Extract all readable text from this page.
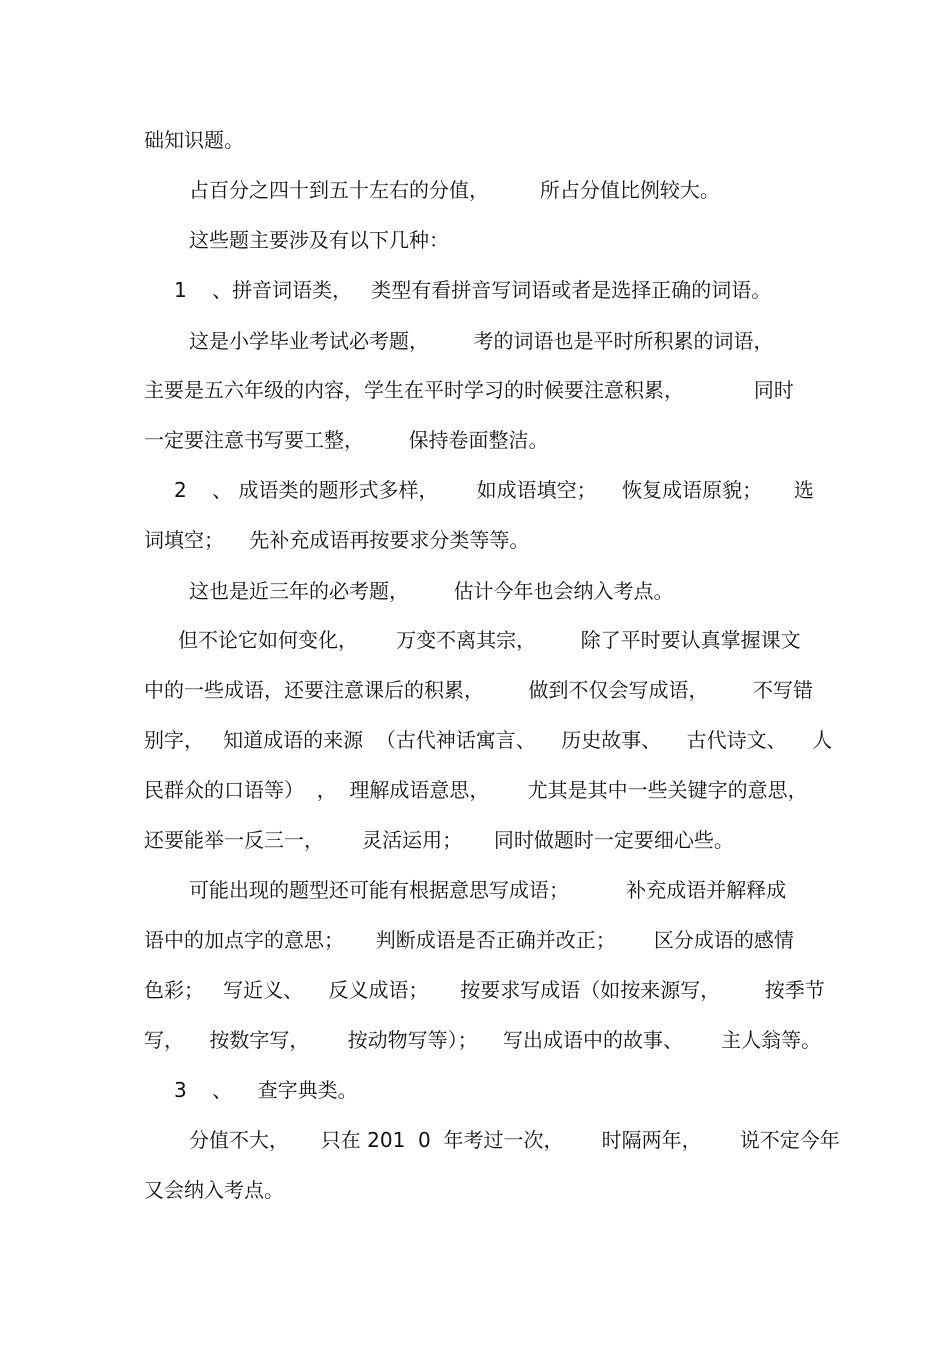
础知识题。
占百分之四十到五十左右的分值，        所占分值比例较大。
这些题主要涉及有以下几种：
1    、拼音词语类，   类型有看拼音写词语或者是选择正确的词语。
这是小学毕业考试必考题，       考的词语也是平时所积累的词语，
主要是五六年级的内容，学生在平时学习的时候要注意积累，           同时
一定要注意书写要工整，       保持卷面整洁。
2    、 成语类的题形式多样，      如成语填空；    恢复成语原貌；     选
词填空；    先补充成语再按要求分类等等。
这也是近三年的必考题，       估计今年也会纳入考点。
但不论它如何变化，      万变不离其宗，       除了平时要认真掌握课文
中的一些成语，还要注意课后的积累，       做到不仅会写成语，       不写错
别字，   知道成语的来源  （古代神话寓言、    历史故事、    古代诗文、    人
民群众的口语等）  ，  理解成语意思，      尤其是其中一些关键字的意思，
还要能举一反三一，      灵活运用；     同时做题时一定要细心些。
可能出现的题型还可能有根据意思写成语；         补充成语并解释成
语中的加点字的意思；     判断成语是否正确并改正；      区分成语的感情
色彩；   写近义、    反义成语；     按要求写成语（如按来源写，       按季节
写，    按数字写，      按动物写等）；    写出成语中的故事、      主人翁等。
3    、    查字典类。
分值不大，     只在 201  0  年考过一次，      时隔两年，      说不定今年
又会纳入考点。
